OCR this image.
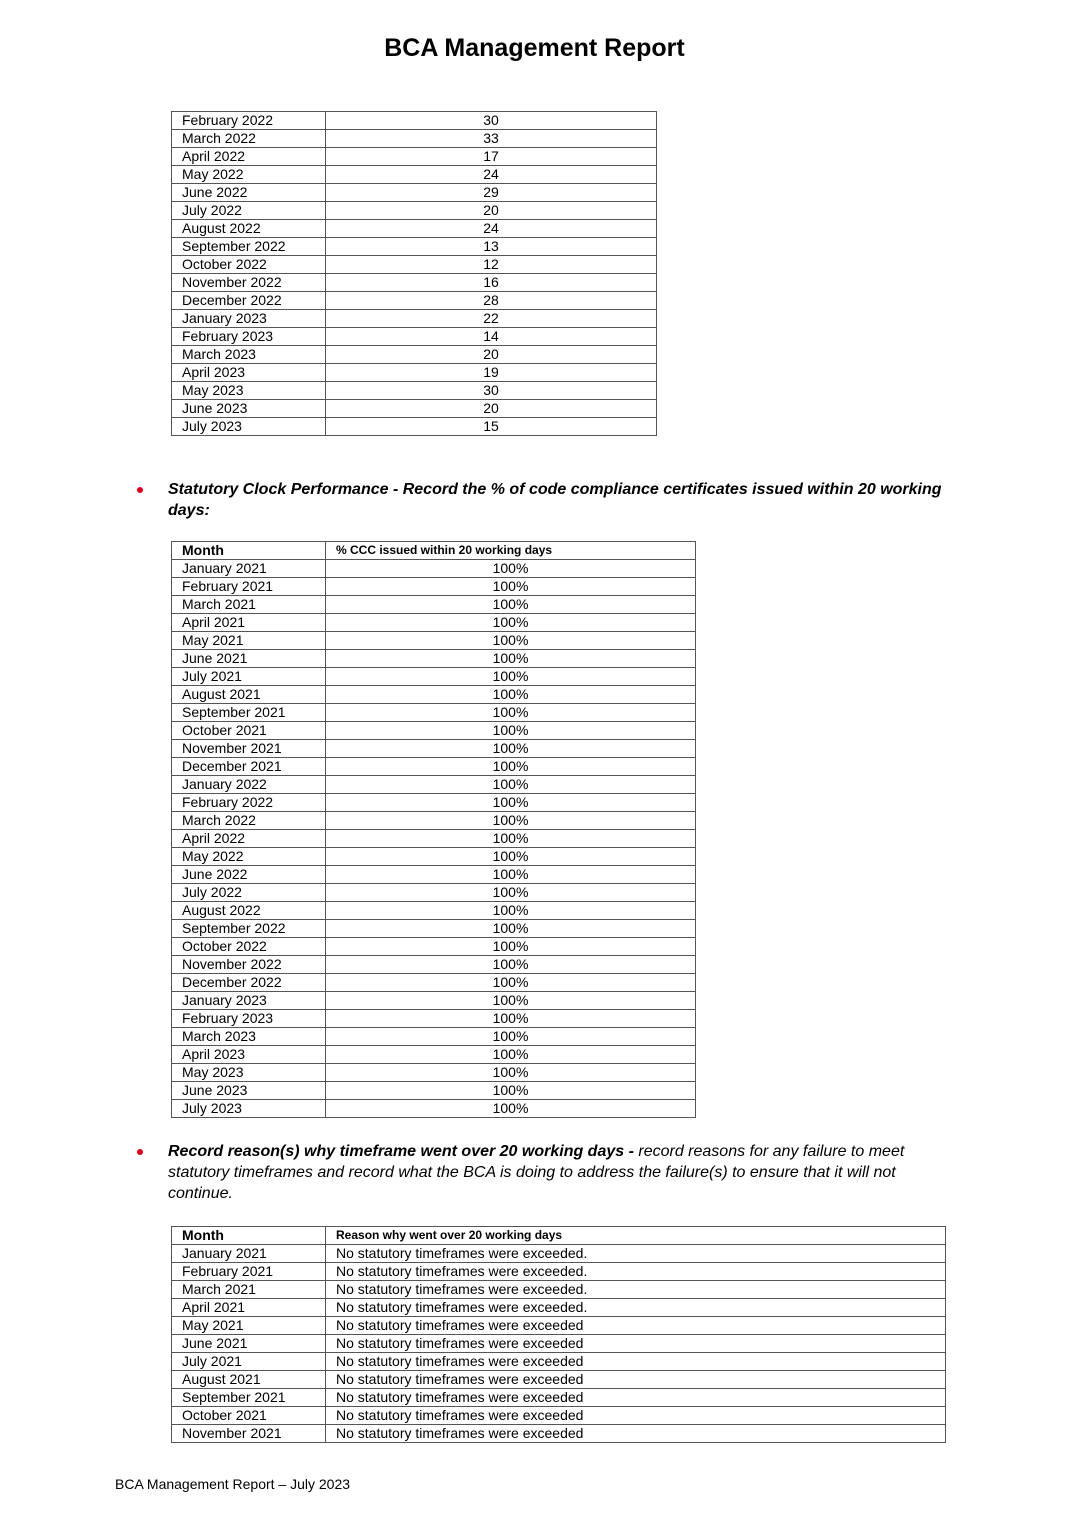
BCA Management Report
February 2022	30
March 2022	33
April 2022	17
May 2022	24
June 2022	29
July 2022	20
August 2022	24
September 2022	13
October 2022	12
November 2022	16
December 2022	28
January 2023	22
February 2023	14
March 2023	20
April 2023	19
May 2023	30
June 2023	20
July 2023	15
Statutory Clock Performance - Record the % of code compliance certificates issued within 20 working days:
Month	% CCC issued within 20 working days
January 2021	100%
February 2021	100%
March 2021	100%
April 2021	100%
May 2021	100%
June 2021	100%
July 2021	100%
August 2021	100%
September 2021	100%
October 2021	100%
November 2021	100%
December 2021	100%
January 2022	100%
February 2022	100%
March 2022	100%
April 2022	100%
May 2022	100%
June 2022	100%
July 2022	100%
August 2022	100%
September 2022	100%
October 2022	100%
November 2022	100%
December 2022	100%
January 2023	100%
February 2023	100%
March 2023	100%
April 2023	100%
May 2023	100%
June 2023	100%
July 2023	100%
Record reason(s) why timeframe went over 20 working days - record reasons for any failure to meet statutory timeframes and record what the BCA is doing to address the failure(s) to ensure that it will not continue.
Month	Reason why went over 20 working days
January 2021	No statutory timeframes were exceeded.
February 2021	No statutory timeframes were exceeded.
March 2021	No statutory timeframes were exceeded.
April 2021	No statutory timeframes were exceeded.
May 2021	No statutory timeframes were exceeded
June 2021	No statutory timeframes were exceeded
July 2021	No statutory timeframes were exceeded
August 2021	No statutory timeframes were exceeded
September 2021	No statutory timeframes were exceeded
October 2021	No statutory timeframes were exceeded
November 2021	No statutory timeframes were exceeded
BCA Management Report – July 2023
